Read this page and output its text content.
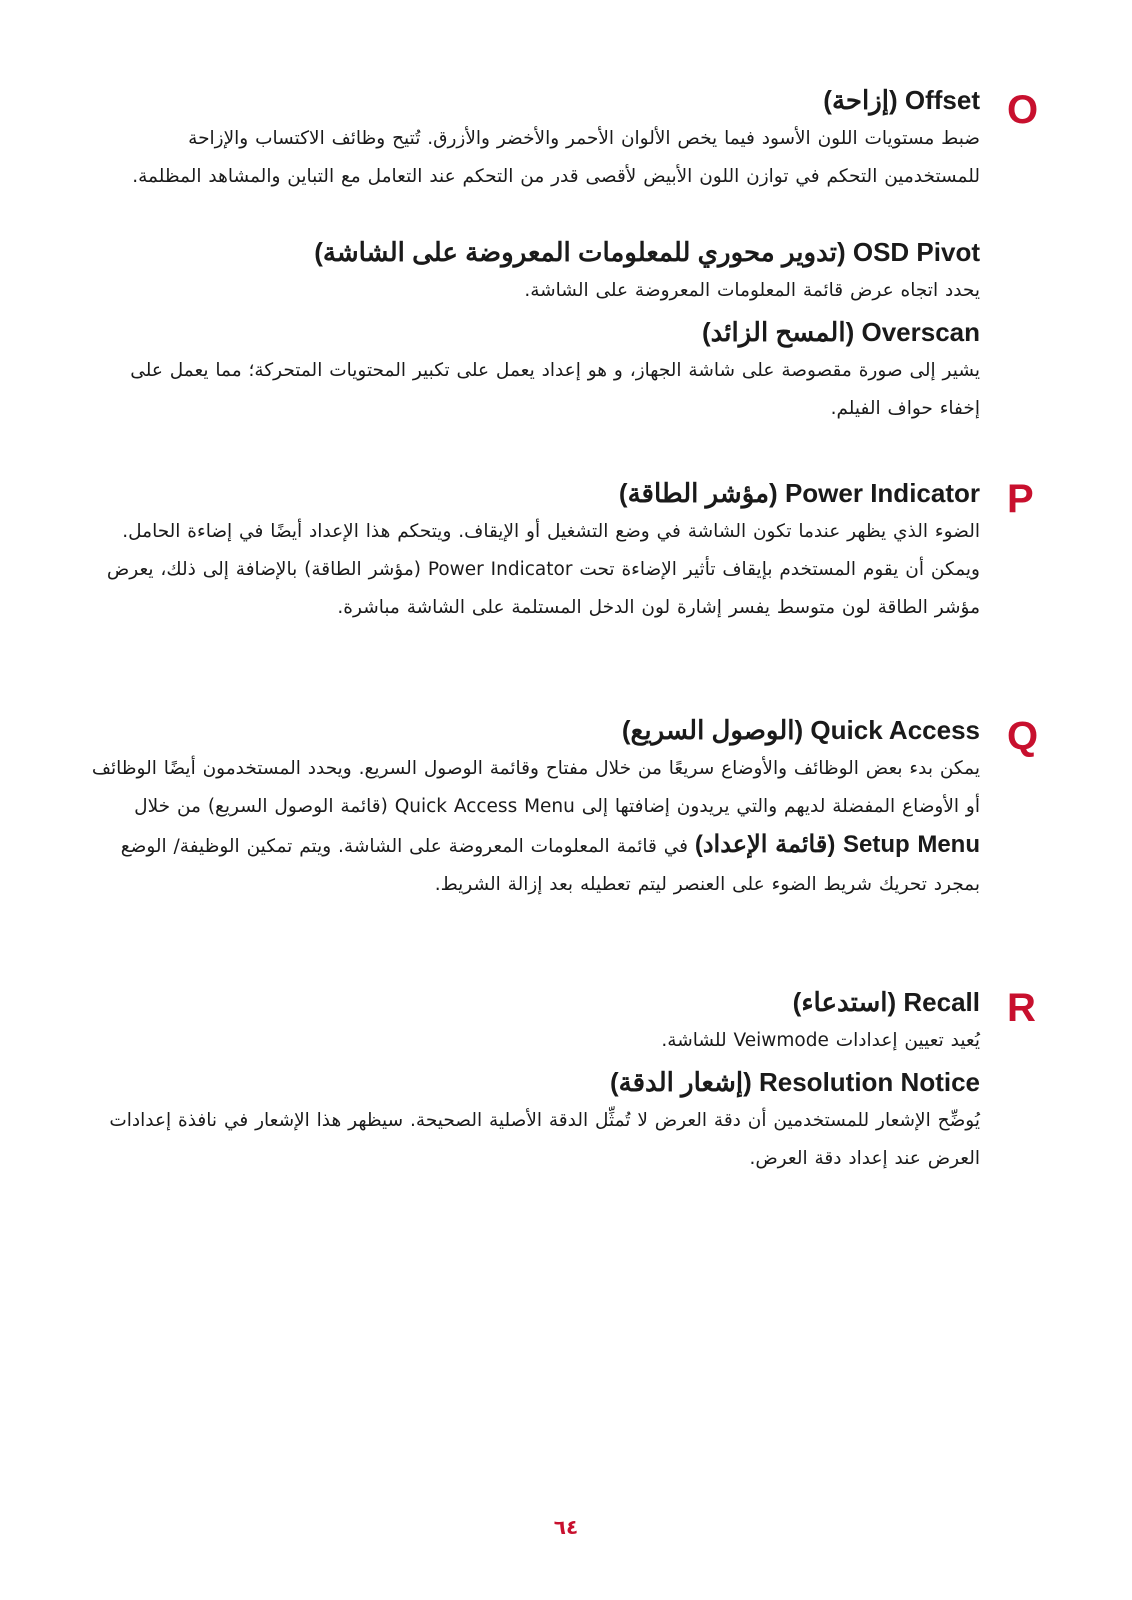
O

Offset (إزاحة)

ضبط مستويات اللون الأسود فيما يخص الألوان الأحمر والأخضر والأزرق. تُتيح وظائف الاكتساب والإزاحة للمستخدمين التحكم في توازن اللون الأبيض لأقصى قدر من التحكم عند التعامل مع التباين والمشاهد المظلمة.

OSD Pivot (تدوير محوري للمعلومات المعروضة على الشاشة)

يحدد اتجاه عرض قائمة المعلومات المعروضة على الشاشة.

Overscan (المسح الزائد)

يشير إلى صورة مقصوصة على شاشة الجهاز، و هو إعداد يعمل على تكبير المحتويات المتحركة؛ مما يعمل على إخفاء حواف الفيلم.

P

Power Indicator (مؤشر الطاقة)

الضوء الذي يظهر عندما تكون الشاشة في وضع التشغيل أو الإيقاف. ويتحكم هذا الإعداد أيضًا في إضاءة الحامل. ويمكن أن يقوم المستخدم بإيقاف تأثير الإضاءة تحت Power Indicator (مؤشر الطاقة) بالإضافة إلى ذلك، يعرض مؤشر الطاقة لون متوسط يفسر إشارة لون الدخل المستلمة على الشاشة مباشرة.

Q

Quick Access (الوصول السريع)

يمكن بدء بعض الوظائف والأوضاع سريعًا من خلال مفتاح وقائمة الوصول السريع. ويحدد المستخدمون أيضًا الوظائف أو الأوضاع المفضلة لديهم والتي يريدون إضافتها إلى Quick Access Menu (قائمة الوصول السريع) من خلال Setup Menu (قائمة الإعداد) في قائمة المعلومات المعروضة على الشاشة. ويتم تمكين الوظيفة/ الوضع بمجرد تحريك شريط الضوء على العنصر ليتم تعطيله بعد إزالة الشريط.

R

Recall (استدعاء)

يُعيد تعيين إعدادات Veiwmode للشاشة.

Resolution Notice (إشعار الدقة)

يُوضِّح الإشعار للمستخدمين أن دقة العرض لا تُمثِّل الدقة الأصلية الصحيحة. سيظهر هذا الإشعار في نافذة إعدادات العرض عند إعداد دقة العرض.

٦٤
